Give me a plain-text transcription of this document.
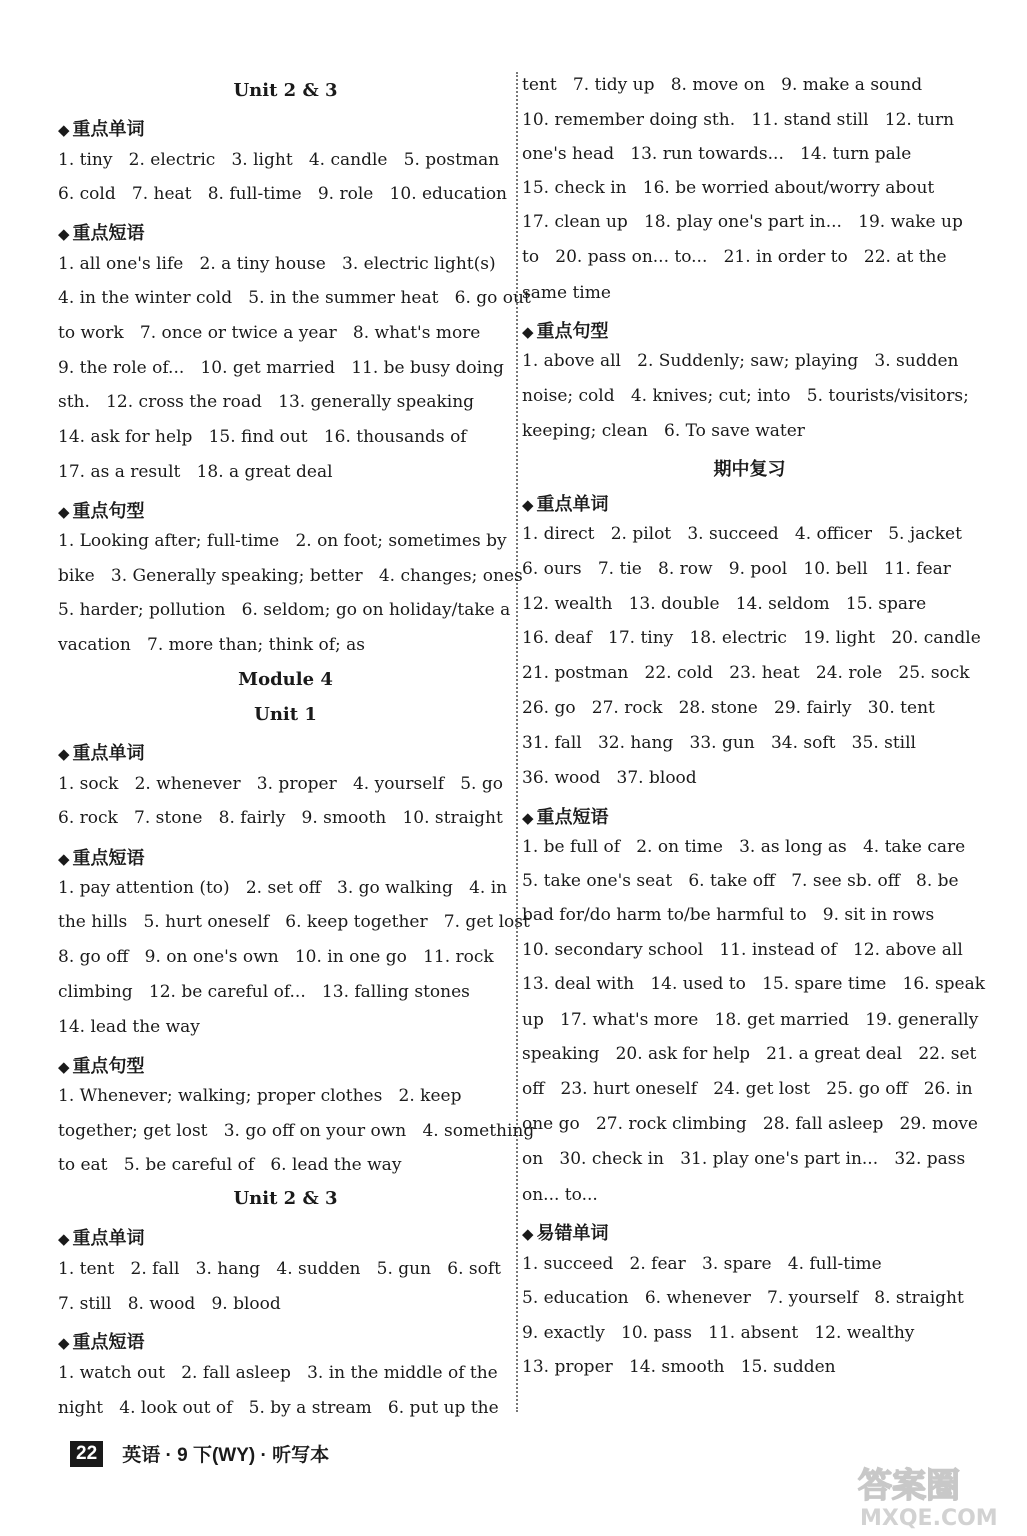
Unit 2 & 3
◆ 重点单词
1. tiny   2. electric   3. light   4. candle   5. postman
6. cold   7. heat   8. full-time   9. role   10. education
◆ 重点短语
1. all one's life   2. a tiny house   3. electric light(s)
4. in the winter cold   5. in the summer heat   6. go out
to work   7. once or twice a year   8. what's more
9. the role of...   10. get married   11. be busy doing
sth.   12. cross the road   13. generally speaking
14. ask for help   15. find out   16. thousands of
17. as a result   18. a great deal
◆ 重点句型
1. Looking after; full-time   2. on foot; sometimes by
bike   3. Generally speaking; better   4. changes; ones
5. harder; pollution   6. seldom; go on holiday/take a
vacation   7. more than; think of; as
Module 4
Unit 1
◆ 重点单词
1. sock   2. whenever   3. proper   4. yourself   5. go
6. rock   7. stone   8. fairly   9. smooth   10. straight
◆ 重点短语
1. pay attention (to)   2. set off   3. go walking   4. in
the hills   5. hurt oneself   6. keep together   7. get lost
8. go off   9. on one's own   10. in one go   11. rock
climbing   12. be careful of...   13. falling stones
14. lead the way
◆ 重点句型
1. Whenever; walking; proper clothes   2. keep
together; get lost   3. go off on your own   4. something
to eat   5. be careful of   6. lead the way
Unit 2 & 3
◆ 重点单词
1. tent   2. fall   3. hang   4. sudden   5. gun   6. soft
7. still   8. wood   9. blood
◆ 重点短语
1. watch out   2. fall asleep   3. in the middle of the
night   4. look out of   5. by a stream   6. put up the
tent   7. tidy up   8. move on   9. make a sound
10. remember doing sth.   11. stand still   12. turn
one's head   13. run towards...   14. turn pale
15. check in   16. be worried about/worry about
17. clean up   18. play one's part in...   19. wake up
to   20. pass on... to...   21. in order to   22. at the
same time
◆ 重点句型
1. above all   2. Suddenly; saw; playing   3. sudden
noise; cold   4. knives; cut; into   5. tourists/visitors;
keeping; clean   6. To save water
期中复习
◆ 重点单词
1. direct   2. pilot   3. succeed   4. officer   5. jacket
6. ours   7. tie   8. row   9. pool   10. bell   11. fear
12. wealth   13. double   14. seldom   15. spare
16. deaf   17. tiny   18. electric   19. light   20. candle
21. postman   22. cold   23. heat   24. role   25. sock
26. go   27. rock   28. stone   29. fairly   30. tent
31. fall   32. hang   33. gun   34. soft   35. still
36. wood   37. blood
◆ 重点短语
1. be full of   2. on time   3. as long as   4. take care
5. take one's seat   6. take off   7. see sb. off   8. be
bad for/do harm to/be harmful to   9. sit in rows
10. secondary school   11. instead of   12. above all
13. deal with   14. used to   15. spare time   16. speak
up   17. what's more   18. get married   19. generally
speaking   20. ask for help   21. a great deal   22. set
off   23. hurt oneself   24. get lost   25. go off   26. in
one go   27. rock climbing   28. fall asleep   29. move
on   30. check in   31. play one's part in...   32. pass
on... to...
◆ 易错单词
1. succeed   2. fear   3. spare   4. full-time
5. education   6. whenever   7. yourself   8. straight
9. exactly   10. pass   11. absent   12. wealthy
13. proper   14. smooth   15. sudden
22 英语 · 9 下(WY) · 听写本
答案圈
MXQE.COM
